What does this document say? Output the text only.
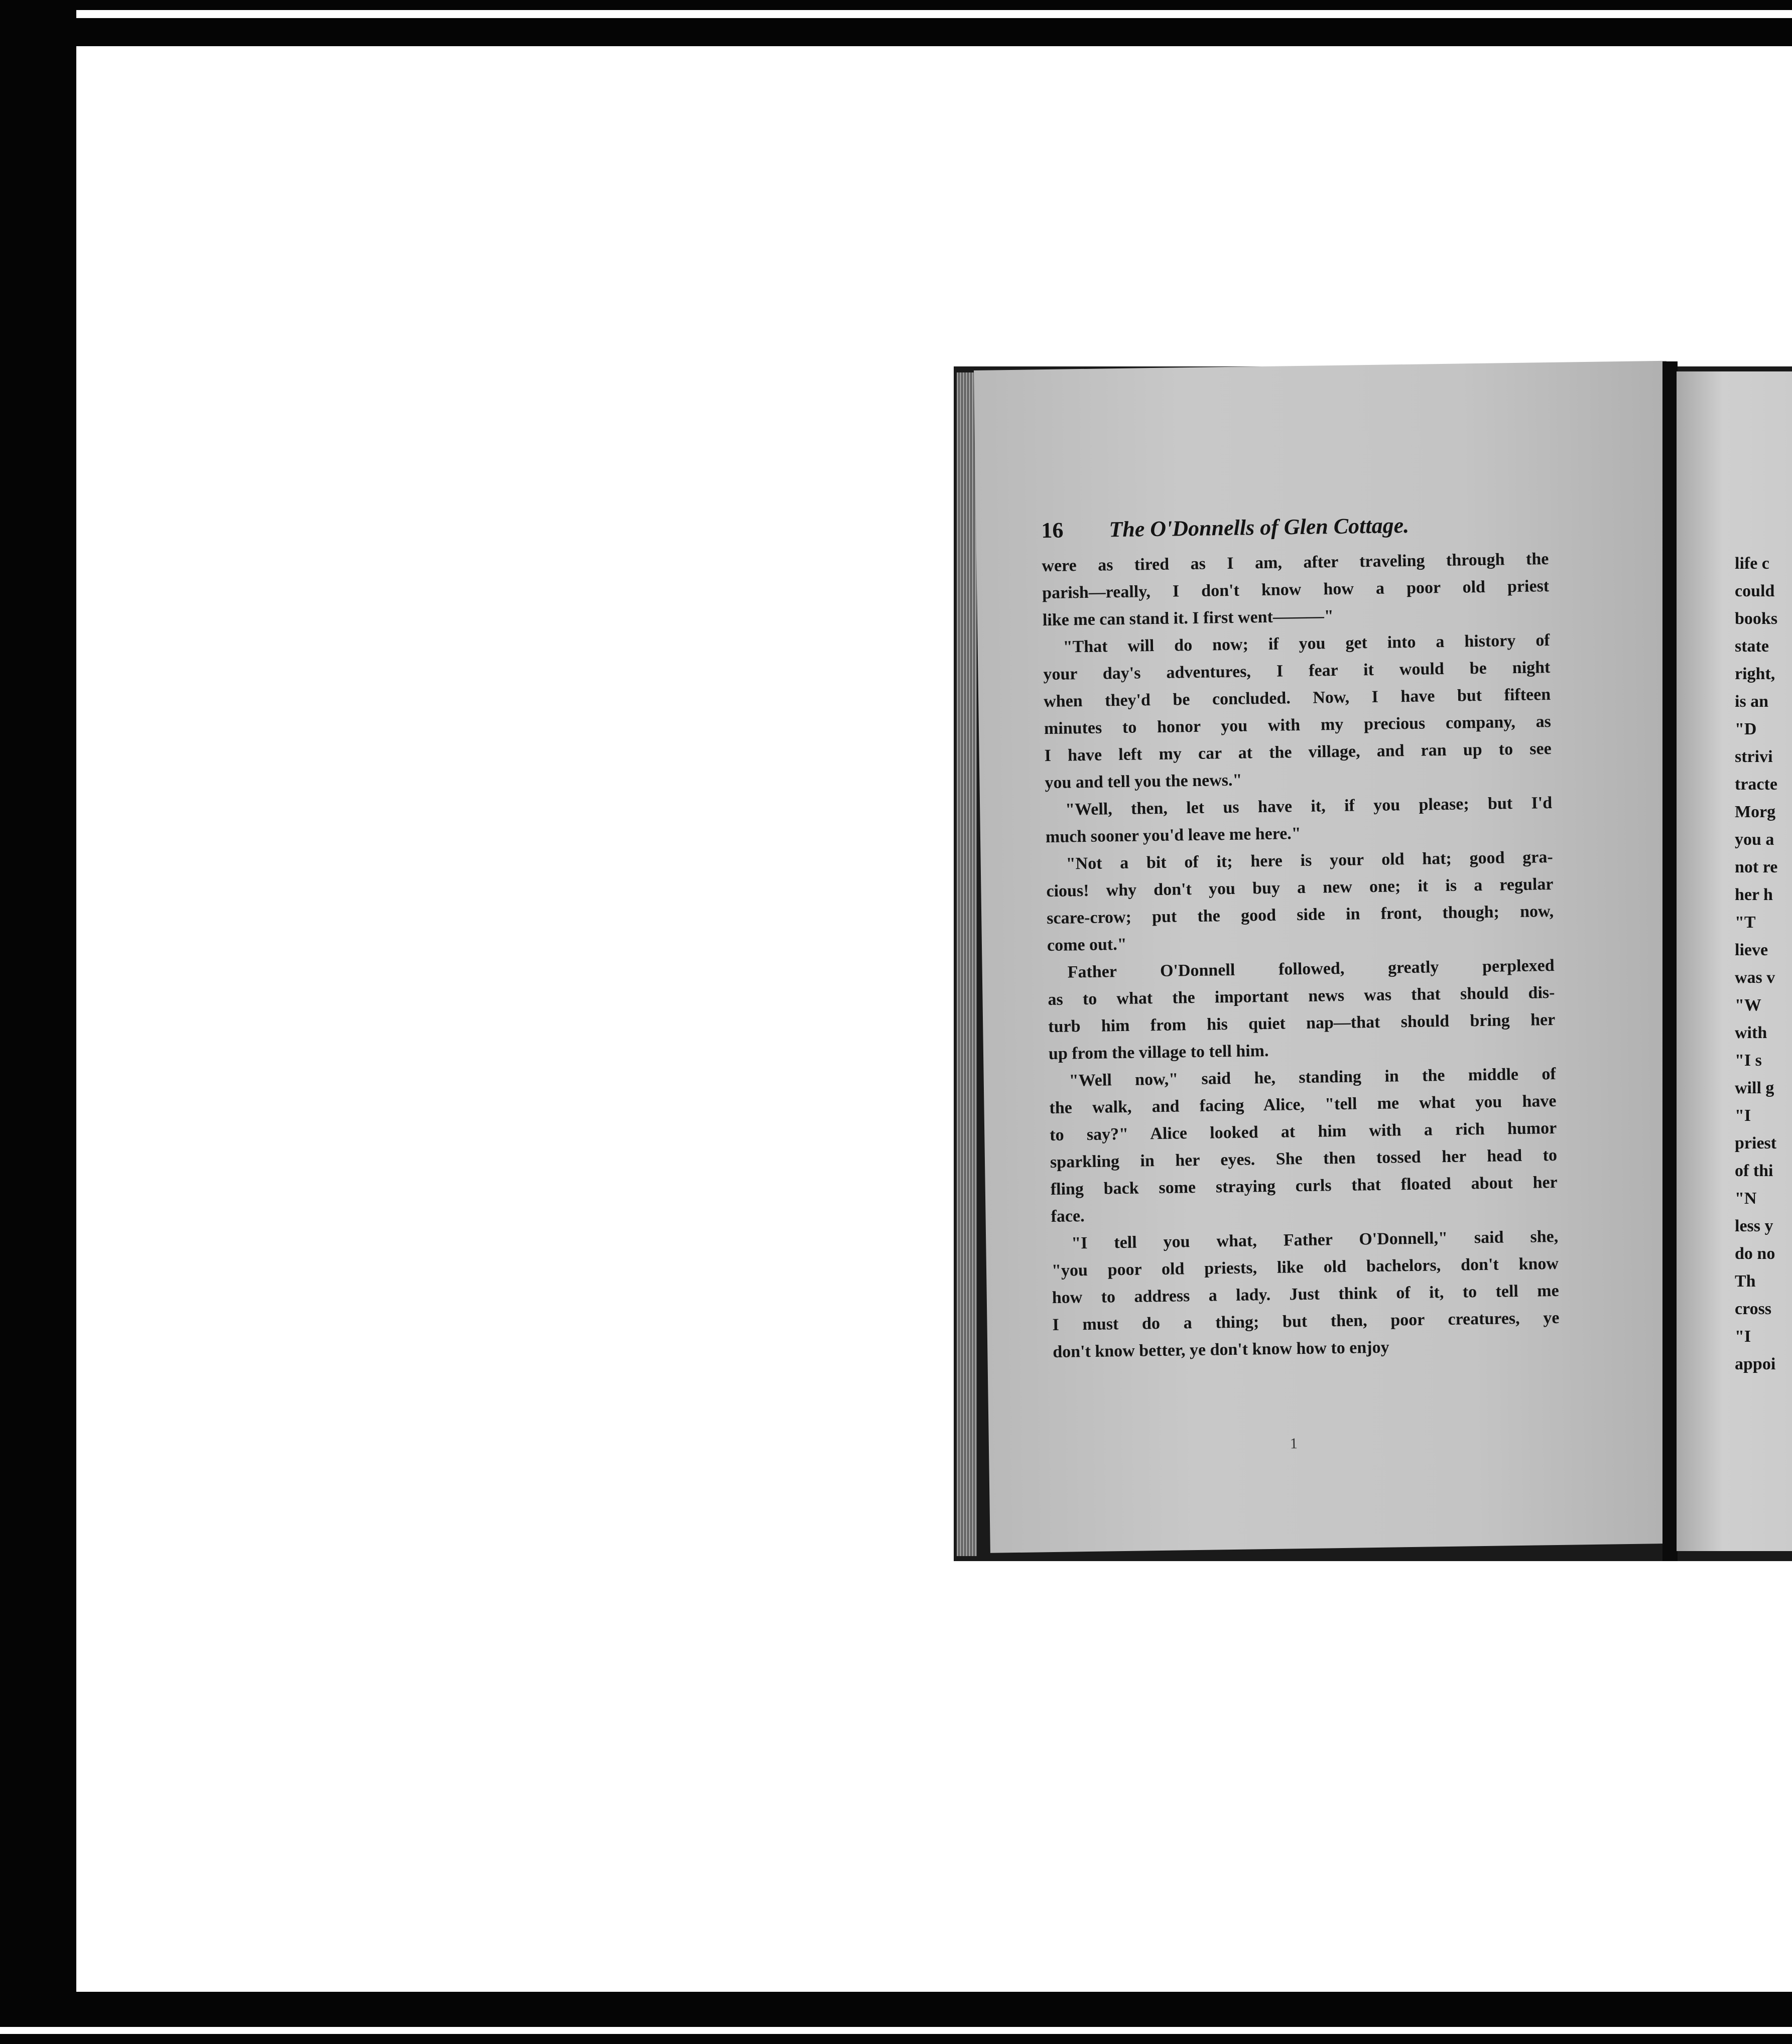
16 The O'Donnells of Glen Cottage.
were as tired as I am, after traveling through the
parish—really, I don't know how a poor old priest
like me can stand it. I first went———"
"That will do now; if you get into a history of
your day's adventures, I fear it would be night
when they'd be concluded. Now, I have but fifteen
minutes to honor you with my precious company, as
I have left my car at the village, and ran up to see
you and tell you the news."
"Well, then, let us have it, if you please; but I'd
much sooner you'd leave me here."
"Not a bit of it; here is your old hat; good gra-
cious! why don't you buy a new one; it is a regular
scare-crow; put the good side in front, though; now,
come out."
Father O'Donnell followed, greatly perplexed
as to what the important news was that should dis-
turb him from his quiet nap—that should bring her
up from the village to tell him.
"Well now," said he, standing in the middle of
the walk, and facing Alice, "tell me what you have
to say?" Alice looked at him with a rich humor
sparkling in her eyes. She then tossed her head to
fling back some straying curls that floated about her
face.
"I tell you what, Father O'Donnell," said she,
"you poor old priests, like old bachelors, don't know
how to address a lady. Just think of it, to tell me
I must do a thing; but then, poor creatures, ye
don't know better, ye don't know how to enjoy
1
life c
could
books
state
right,
is an
"D
strivi
tracte
Morg
you a
not re
her h
"T
lieve
was v
"W
with
"I s
will g
"I
priest
of thi
"N
less y
do no
Th
cross
"I
appoi
